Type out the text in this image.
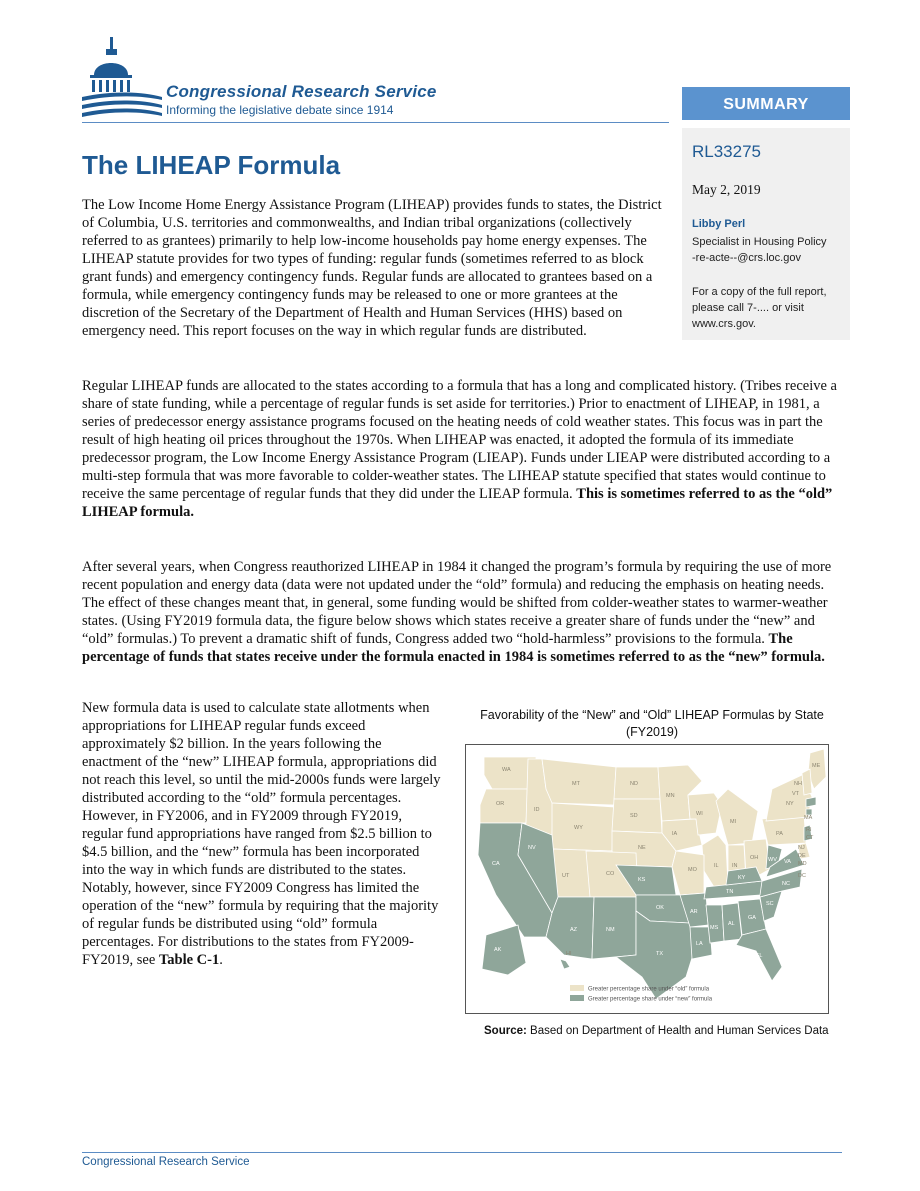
Congressional Research Service
Informing the legislative debate since 1914	SUMMARY
RL33275
May 2, 2019
Libby Perl
Specialist in Housing Policy
-re-acte--@crs.loc.gov
For a copy of the full report, please call 7-.... or visit www.crs.gov.
The LIHEAP Formula
The Low Income Home Energy Assistance Program (LIHEAP) provides funds to states, the District of Columbia, U.S. territories and commonwealths, and Indian tribal organizations (collectively referred to as grantees) primarily to help low-income households pay home energy expenses. The LIHEAP statute provides for two types of funding: regular funds (sometimes referred to as block grant funds) and emergency contingency funds. Regular funds are allocated to grantees based on a formula, while emergency contingency funds may be released to one or more grantees at the discretion of the Secretary of the Department of Health and Human Services (HHS) based on emergency need. This report focuses on the way in which regular funds are distributed.
Regular LIHEAP funds are allocated to the states according to a formula that has a long and complicated history. (Tribes receive a share of state funding, while a percentage of regular funds is set aside for territories.) Prior to enactment of LIHEAP, in 1981, a series of predecessor energy assistance programs focused on the heating needs of cold weather states. This focus was in part the result of high heating oil prices throughout the 1970s. When LIHEAP was enacted, it adopted the formula of its immediate predecessor program, the Low Income Energy Assistance Program (LIEAP). Funds under LIEAP were distributed according to a multi-step formula that was more favorable to colder-weather states. The LIHEAP statute specified that states would continue to receive the same percentage of regular funds that they did under the LIEAP formula. This is sometimes referred to as the “old” LIHEAP formula.
After several years, when Congress reauthorized LIHEAP in 1984 it changed the program’s formula by requiring the use of more recent population and energy data (data were not updated under the “old” formula) and reducing the emphasis on heating needs. The effect of these changes meant that, in general, some funding would be shifted from colder-weather states to warmer-weather states. (Using FY2019 formula data, the figure below shows which states receive a greater share of funds under the “new” and “old” formulas.) To prevent a dramatic shift of funds, Congress added two “hold-harmless” provisions to the formula. The percentage of funds that states receive under the formula enacted in 1984 is sometimes referred to as the “new” formula.
New formula data is used to calculate state allotments when appropriations for LIHEAP regular funds exceed approximately $2 billion. In the years following the enactment of the “new” LIHEAP formula, appropriations did not reach this level, so until the mid-2000s funds were largely distributed according to the “old” formula percentages. However, in FY2006, and in FY2009 through FY2019, regular fund appropriations have ranged from $2.5 billion to $4.5 billion, and the “new” formula has been incorporated into the way in which funds are distributed to the states. Notably, however, since FY2009 Congress has limited the operation of the “new” formula by requiring that the majority of regular funds be distributed using “old” formula percentages. For distributions to the states from FY2009-FY2019, see Table C-1.
Favorability of the “New” and “Old” LIHEAP Formulas by State (FY2019)
WA
OR
ID
MT
WY
ND
SD
MN
NE
IA
WI
MI
UT	CO
IL IN
OH
PA
NY
ME
MO
CA
NV
AZ	NM
KS
OK
TX
AR
LA
MS
AL
GA
FL
SC
NC
TN
KY
WV VA
AK
HI
NH
VT
MA
RI
CT
NJ
DE
MD
DC
Greater percentage share under “old” formula
Greater percentage share under “new” formula
Source: Based on Department of Health and Human Services Data
Congressional Research Service
